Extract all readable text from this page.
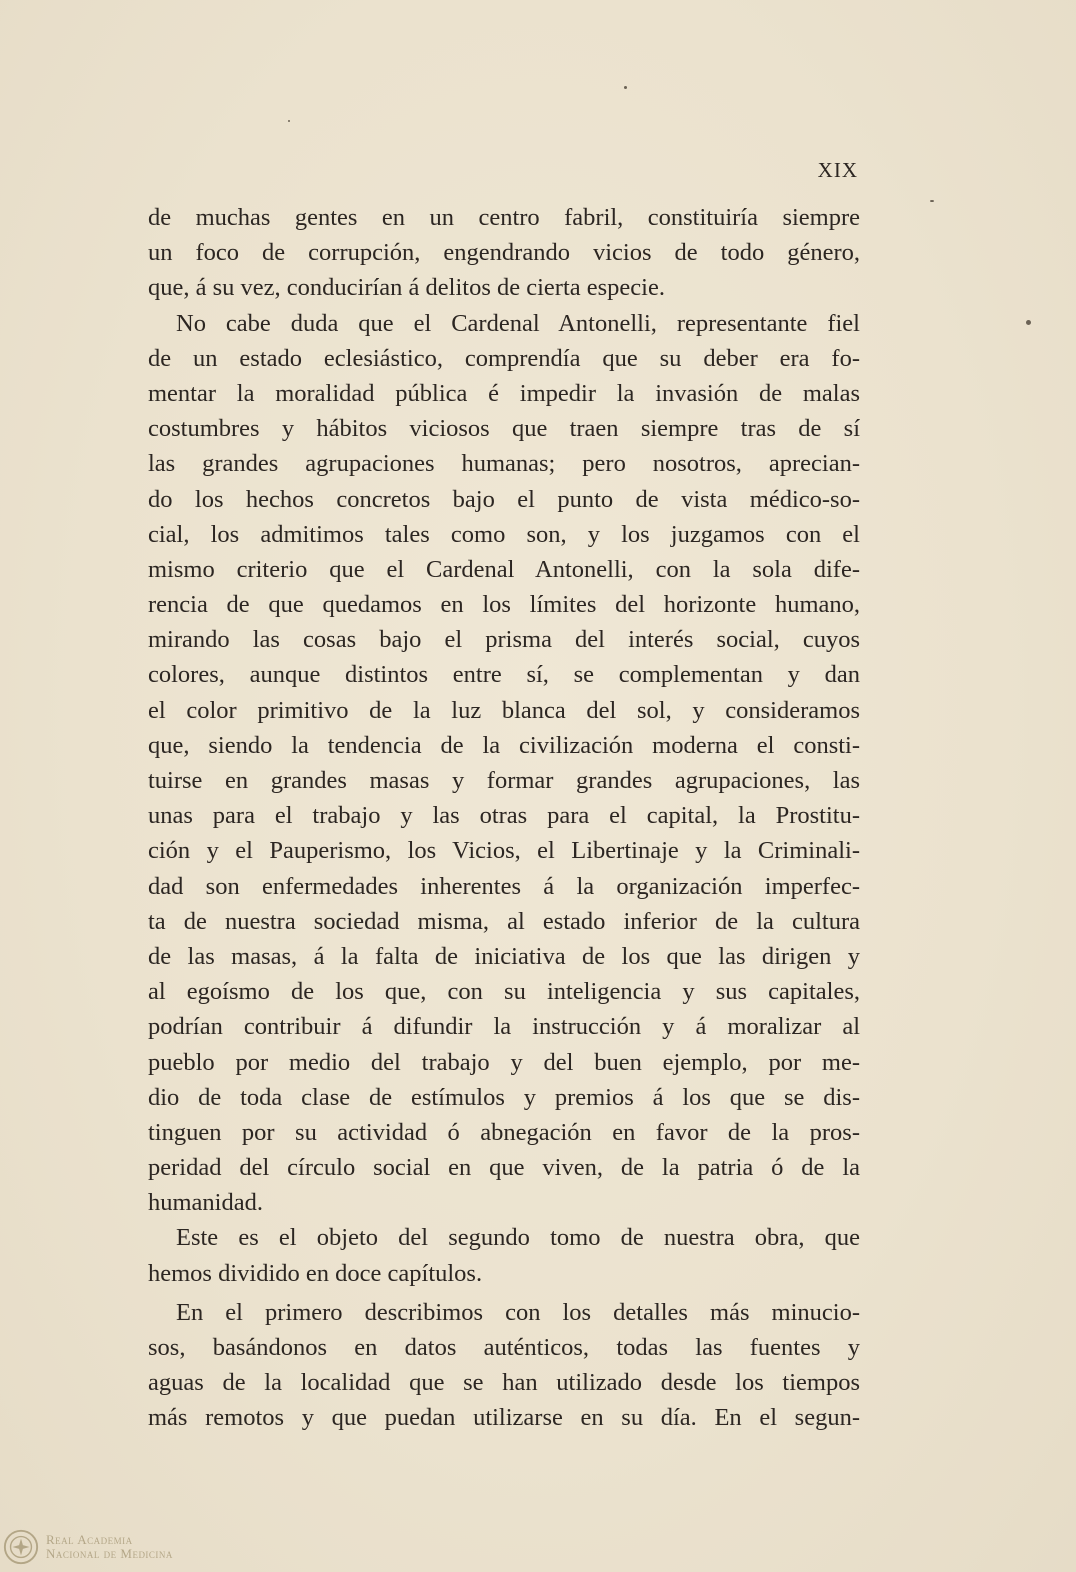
XIX

de muchas gentes en un centro fabril, constituiría siempre
un foco de corrupción, engendrando vicios de todo género,
que, á su vez, conducirían á delitos de cierta especie.
No cabe duda que el Cardenal Antonelli, representante fiel
de un estado eclesiástico, comprendía que su deber era fo-
mentar la moralidad pública é impedir la invasión de malas
costumbres y hábitos viciosos que traen siempre tras de sí
las grandes agrupaciones humanas; pero nosotros, aprecian-
do los hechos concretos bajo el punto de vista médico-so-
cial, los admitimos tales como son, y los juzgamos con el
mismo criterio que el Cardenal Antonelli, con la sola dife-
rencia de que quedamos en los límites del horizonte humano,
mirando las cosas bajo el prisma del interés social, cuyos
colores, aunque distintos entre sí, se complementan y dan
el color primitivo de la luz blanca del sol, y consideramos
que, siendo la tendencia de la civilización moderna el consti-
tuirse en grandes masas y formar grandes agrupaciones, las
unas para el trabajo y las otras para el capital, la Prostitu-
ción y el Pauperismo, los Vicios, el Libertinaje y la Criminali-
dad son enfermedades inherentes á la organización imperfec-
ta de nuestra sociedad misma, al estado inferior de la cultura
de las masas, á la falta de iniciativa de los que las dirigen y
al egoísmo de los que, con su inteligencia y sus capitales,
podrían contribuir á difundir la instrucción y á moralizar al
pueblo por medio del trabajo y del buen ejemplo, por me-
dio de toda clase de estímulos y premios á los que se dis-
tinguen por su actividad ó abnegación en favor de la pros-
peridad del círculo social en que viven, de la patria ó de la
humanidad.
Este es el objeto del segundo tomo de nuestra obra, que
hemos dividido en doce capítulos.
En el primero describimos con los detalles más minucio-
sos, basándonos en datos auténticos, todas las fuentes y
aguas de la localidad que se han utilizado desde los tiempos
más remotos y que puedan utilizarse en su día. En el segun-
Real Academia
Nacional de Medicina
